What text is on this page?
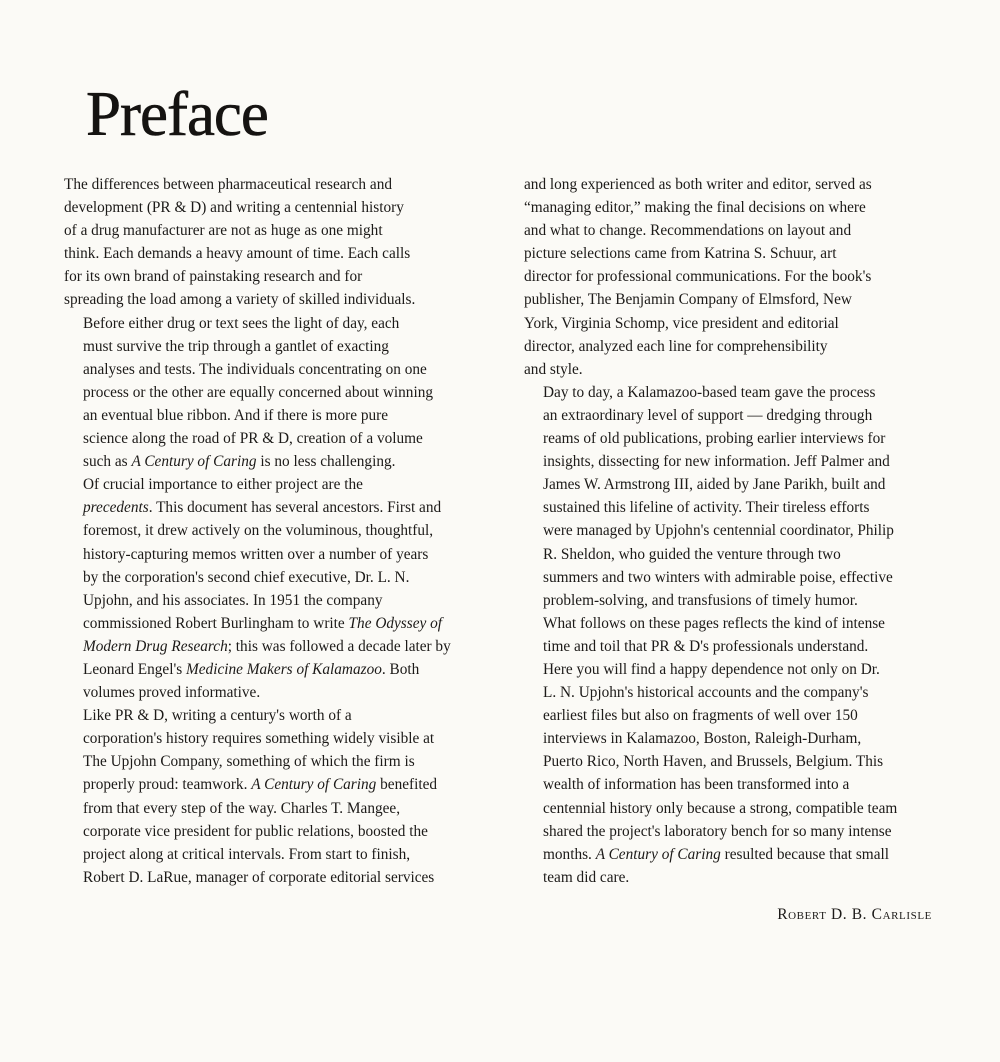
Preface

The differences between pharmaceutical research and
development (PR & D) and writing a centennial history
of a drug manufacturer are not as huge as one might
think. Each demands a heavy amount of time. Each calls
for its own brand of painstaking research and for
spreading the load among a variety of skilled individuals.

Before either drug or text sees the light of day, each
must survive the trip through a gantlet of exacting
analyses and tests. The individuals concentrating on one
process or the other are equally concerned about winning
an eventual blue ribbon. And if there is more pure
science along the road of PR & D, creation of a volume
such as A Century of Caring is no less challenging.

Of crucial importance to either project are the
precedents. This document has several ancestors. First and
foremost, it drew actively on the voluminous, thoughtful,
history-capturing memos written over a number of years
by the corporation's second chief executive, Dr. L. N.
Upjohn, and his associates. In 1951 the company
commissioned Robert Burlingham to write The Odyssey of
Modern Drug Research; this was followed a decade later by
Leonard Engel's Medicine Makers of Kalamazoo. Both
volumes proved informative.

Like PR & D, writing a century's worth of a
corporation's history requires something widely visible at
The Upjohn Company, something of which the firm is
properly proud: teamwork. A Century of Caring benefited
from that every step of the way. Charles T. Mangee,
corporate vice president for public relations, boosted the
project along at critical intervals. From start to finish,
Robert D. LaRue, manager of corporate editorial services

and long experienced as both writer and editor, served as
“managing editor,” making the final decisions on where
and what to change. Recommendations on layout and
picture selections came from Katrina S. Schuur, art
director for professional communications. For the book's
publisher, The Benjamin Company of Elmsford, New
York, Virginia Schomp, vice president and editorial
director, analyzed each line for comprehensibility
and style.

Day to day, a Kalamazoo-based team gave the process
an extraordinary level of support — dredging through
reams of old publications, probing earlier interviews for
insights, dissecting for new information. Jeff Palmer and
James W. Armstrong III, aided by Jane Parikh, built and
sustained this lifeline of activity. Their tireless efforts
were managed by Upjohn's centennial coordinator, Philip
R. Sheldon, who guided the venture through two
summers and two winters with admirable poise, effective
problem-solving, and transfusions of timely humor.

What follows on these pages reflects the kind of intense
time and toil that PR & D's professionals understand.
Here you will find a happy dependence not only on Dr.
L. N. Upjohn's historical accounts and the company's
earliest files but also on fragments of well over 150
interviews in Kalamazoo, Boston, Raleigh-Durham,
Puerto Rico, North Haven, and Brussels, Belgium. This
wealth of information has been transformed into a
centennial history only because a strong, compatible team
shared the project's laboratory bench for so many intense
months. A Century of Caring resulted because that small
team did care.

Robert D. B. Carlisle
